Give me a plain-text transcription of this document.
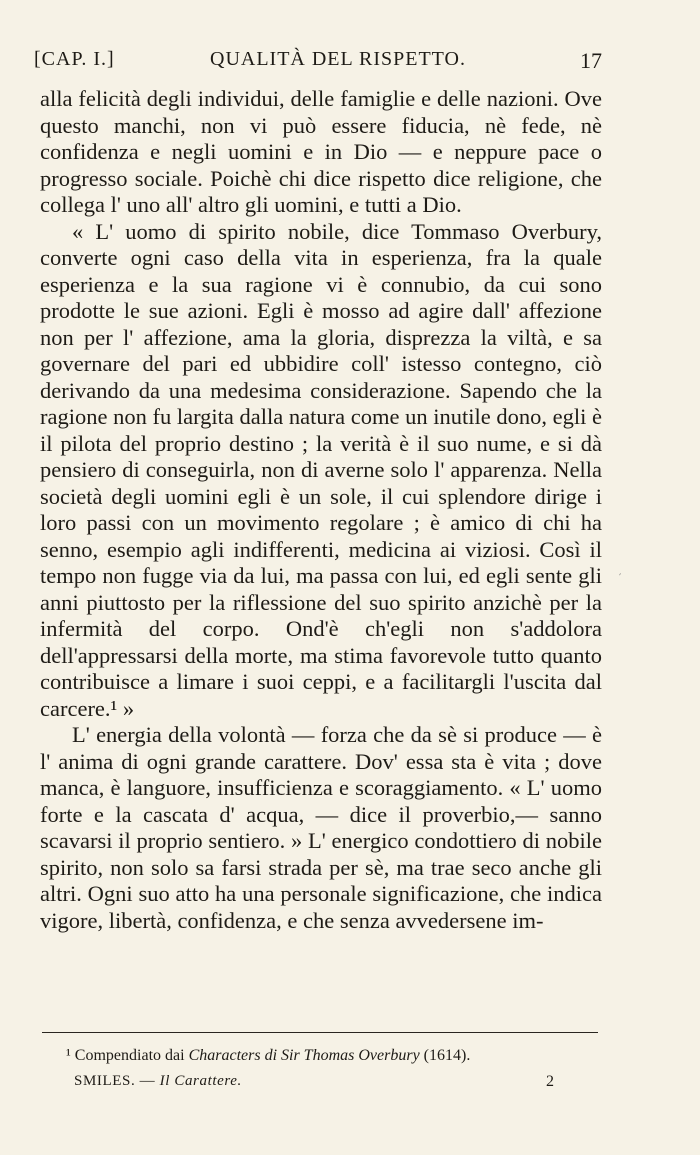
[CAP. I.]	QUALITÀ DEL RISPETTO.	17

alla felicità degli individui, delle famiglie e delle nazioni. Ove questo manchi, non vi può essere fiducia, nè fede, nè confidenza e negli uomini e in Dio — e neppure pace o progresso sociale. Poichè chi dice rispetto dice religione, che collega l' uno all' altro gli uomini, e tutti a Dio.

« L' uomo di spirito nobile, dice Tommaso Overbury, converte ogni caso della vita in esperienza, fra la quale esperienza e la sua ragione vi è connubio, da cui sono prodotte le sue azioni. Egli è mosso ad agire dall' affezione non per l' affezione, ama la gloria, disprezza la viltà, e sa governare del pari ed ubbidire coll' istesso contegno, ciò derivando da una medesima considerazione. Sapendo che la ragione non fu largita dalla natura come un inutile dono, egli è il pilota del proprio destino ; la verità è il suo nume, e si dà pensiero di conseguirla, non di averne solo l' apparenza. Nella società degli uomini egli è un sole, il cui splendore dirige i loro passi con un movimento regolare ; è amico di chi ha senno, esempio agli indifferenti, medicina ai viziosi. Così il tempo non fugge via da lui, ma passa con lui, ed egli sente gli anni piuttosto per la riflessione del suo spirito anzichè per la infermità del corpo. Ond'è ch'egli non s'addolora dell'appressarsi della morte, ma stima favorevole tutto quanto contribuisce a limare i suoi ceppi, e a facilitargli l'uscita dal carcere.¹ »

L' energia della volontà — forza che da sè si produce — è l' anima di ogni grande carattere. Dov' essa sta è vita ; dove manca, è languore, insufficienza e scoraggiamento. « L' uomo forte e la cascata d' acqua, — dice il proverbio,— sanno scavarsi il proprio sentiero. » L' energico condottiero di nobile spirito, non solo sa farsi strada per sè, ma trae seco anche gli altri. Ogni suo atto ha una personale significazione, che indica vigore, libertà, confidenza, e che senza avvedersene im-

′
¹ Compendiato dai Characters di Sir Thomas Overbury (1614).
SMILES. — Il Carattere.	2
